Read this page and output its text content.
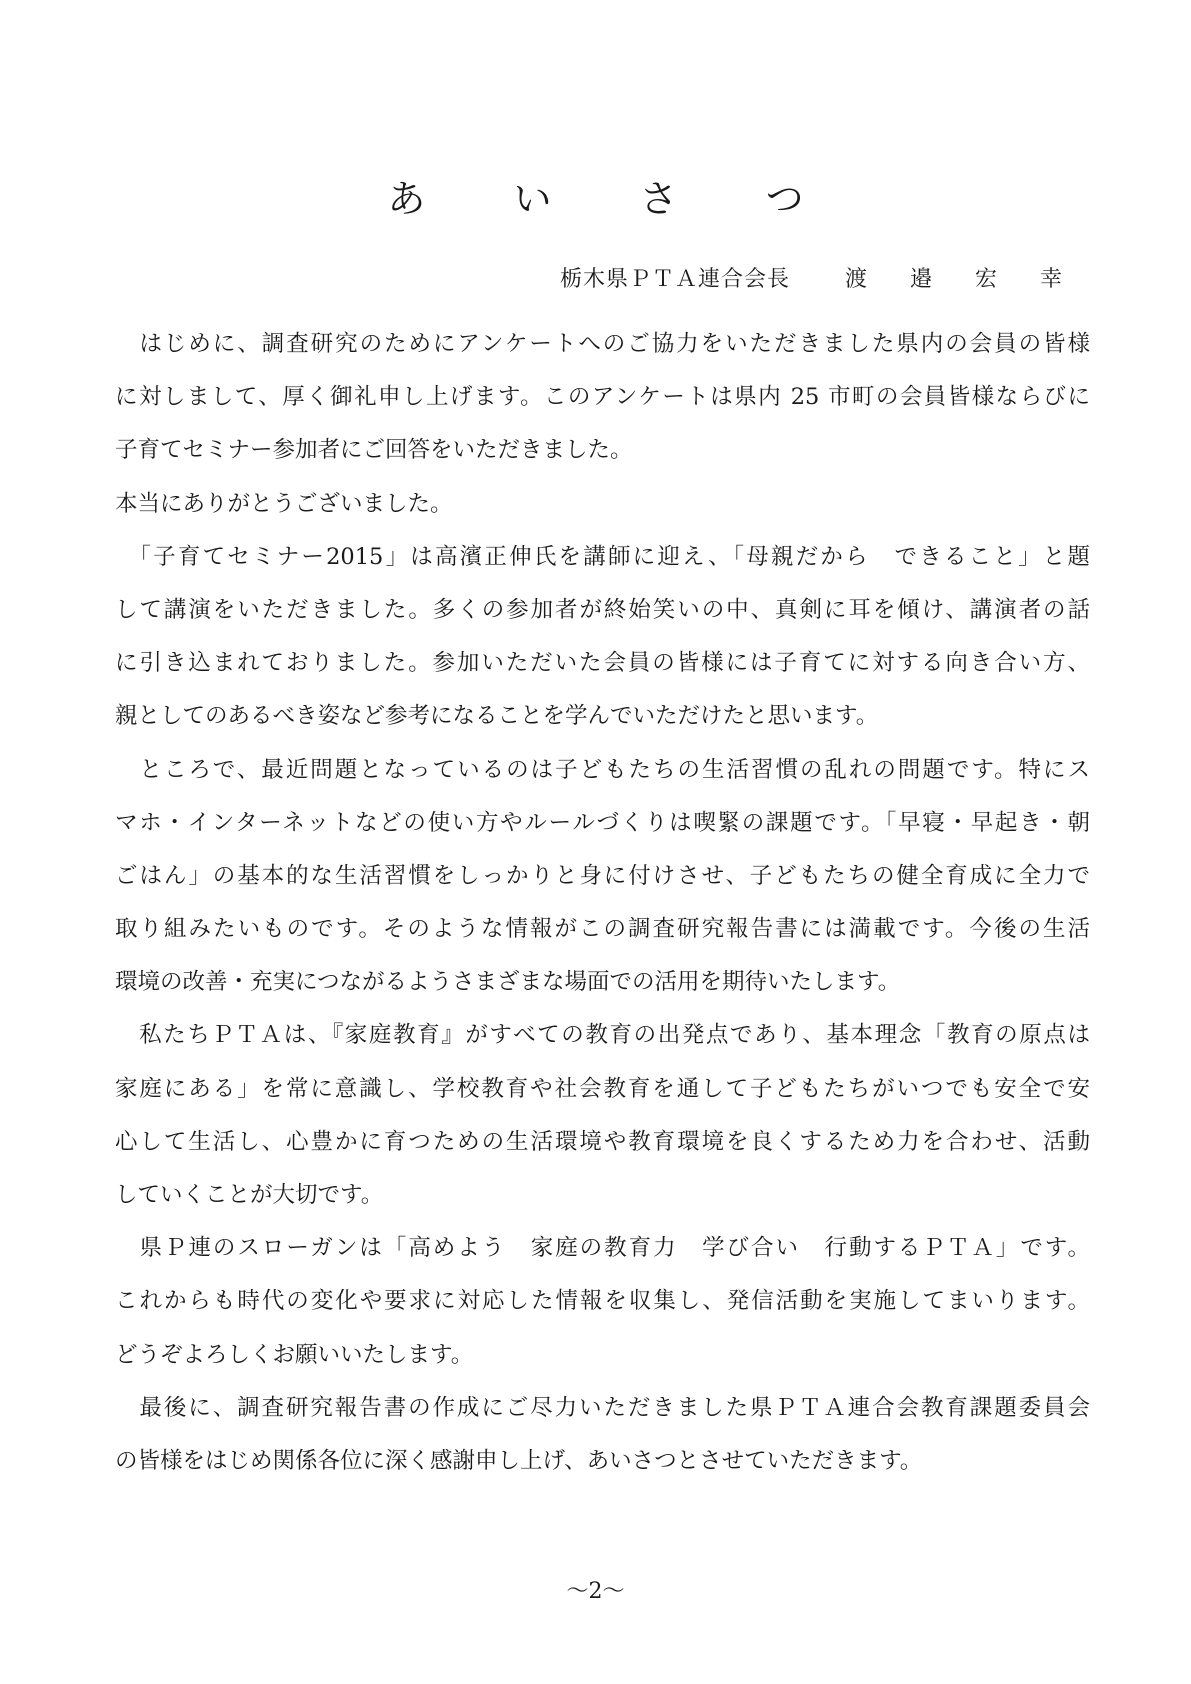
あ い さ つ
栃木県ＰＴＡ連合会長	渡 邉 宏 幸
　はじめに、調査研究のためにアンケートへのご協力をいただきました県内の会員の皆様
に対しまして、厚く御礼申し上げます。このアンケートは県内 25 市町の会員皆様ならびに
子育てセミナー参加者にご回答をいただきました。
本当にありがとうございました。
　「子育てセミナー2015」は高濱正伸氏を講師に迎え、「母親だから　できること」と題
して講演をいただきました。多くの参加者が終始笑いの中、真剣に耳を傾け、講演者の話
に引き込まれておりました。参加いただいた会員の皆様には子育てに対する向き合い方、
親としてのあるべき姿など参考になることを学んでいただけたと思います。
　ところで、最近問題となっているのは子どもたちの生活習慣の乱れの問題です。特にス
マホ・インターネットなどの使い方やルールづくりは喫緊の課題です。「早寝・早起き・朝
ごはん」の基本的な生活習慣をしっかりと身に付けさせ、子どもたちの健全育成に全力で
取り組みたいものです。そのような情報がこの調査研究報告書には満載です。今後の生活
環境の改善・充実につながるようさまざまな場面での活用を期待いたします。
　私たちＰＴＡは、『家庭教育』がすべての教育の出発点であり、基本理念「教育の原点は
家庭にある」を常に意識し、学校教育や社会教育を通して子どもたちがいつでも安全で安
心して生活し、心豊かに育つための生活環境や教育環境を良くするため力を合わせ、活動
していくことが大切です。
　県Ｐ連のスローガンは「高めよう　家庭の教育力　学び合い　行動するＰＴＡ」です。
これからも時代の変化や要求に対応した情報を収集し、発信活動を実施してまいります。
どうぞよろしくお願いいたします。
　最後に、調査研究報告書の作成にご尽力いただきました県ＰＴＡ連合会教育課題委員会
の皆様をはじめ関係各位に深く感謝申し上げ、あいさつとさせていただきます。
～2～
